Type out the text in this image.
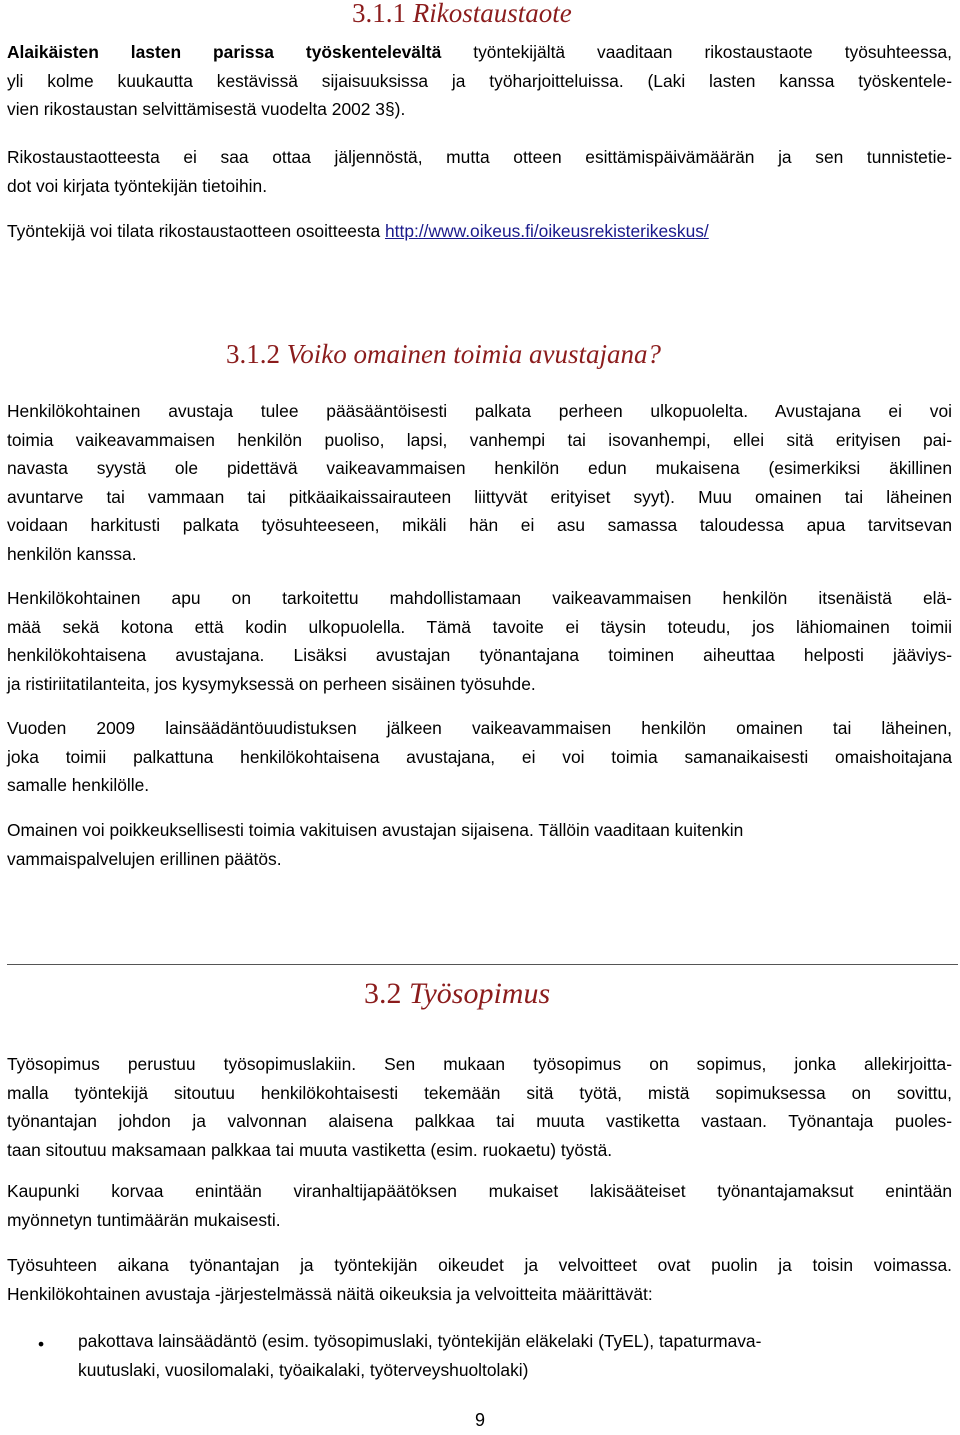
3.1.1 Rikostaustaote

Alaikäisten lasten parissa työskentelevältä työntekijältä vaaditaan rikostaustaote työsuhteessa,
yli kolme kuukautta kestävissä sijaisuuksissa ja työharjoitteluissa. (Laki lasten kanssa työskentele-
vien rikostaustan selvittämisestä vuodelta 2002 3§).

Rikostaustaotteesta ei saa ottaa jäljennöstä, mutta otteen esittämispäivämäärän ja sen tunnistetie-
dot voi kirjata työntekijän tietoihin.

Työntekijä voi tilata rikostaustaotteen osoitteesta http://www.oikeus.fi/oikeusrekisterikeskus/

3.1.2 Voiko omainen toimia avustajana?

Henkilökohtainen avustaja tulee pääsääntöisesti palkata perheen ulkopuolelta. Avustajana ei voi
toimia vaikeavammaisen henkilön puoliso, lapsi, vanhempi tai isovanhempi, ellei sitä erityisen pai-
navasta syystä ole pidettävä vaikeavammaisen henkilön edun mukaisena (esimerkiksi äkillinen
avuntarve tai vammaan tai pitkäaikaissairauteen liittyvät erityiset syyt). Muu omainen tai läheinen
voidaan harkitusti palkata työsuhteeseen, mikäli hän ei asu samassa taloudessa apua tarvitsevan
henkilön kanssa.

Henkilökohtainen apu on tarkoitettu mahdollistamaan vaikeavammaisen henkilön itsenäistä elä-
mää sekä kotona että kodin ulkopuolella. Tämä tavoite ei täysin toteudu, jos lähiomainen toimii
henkilökohtaisena avustajana. Lisäksi avustajan työnantajana toiminen aiheuttaa helposti jääviys-
ja ristiriitatilanteita, jos kysymyksessä on perheen sisäinen työsuhde.

Vuoden 2009 lainsäädäntöuudistuksen jälkeen vaikeavammaisen henkilön omainen tai läheinen,
joka toimii palkattuna henkilökohtaisena avustajana, ei voi toimia samanaikaisesti omaishoitajana
samalle henkilölle.

Omainen voi poikkeuksellisesti toimia vakituisen avustajan sijaisena. Tällöin vaaditaan kuitenkin
vammaispalvelujen erillinen päätös.

3.2 Työsopimus

Työsopimus perustuu työsopimuslakiin. Sen mukaan työsopimus on sopimus, jonka allekirjoitta-
malla työntekijä sitoutuu henkilökohtaisesti tekemään sitä työtä, mistä sopimuksessa on sovittu,
työnantajan johdon ja valvonnan alaisena palkkaa tai muuta vastiketta vastaan. Työnantaja puoles-
taan sitoutuu maksamaan palkkaa tai muuta vastiketta (esim. ruokaetu) työstä.

Kaupunki korvaa enintään viranhaltijapäätöksen mukaiset lakisääteiset työnantajamaksut enintään
myönnetyn tuntimäärän mukaisesti.

Työsuhteen aikana työnantajan ja työntekijän oikeudet ja velvoitteet ovat puolin ja toisin voimassa.
Henkilökohtainen avustaja -järjestelmässä näitä oikeuksia ja velvoitteita määrittävät:

• pakottava lainsäädäntö (esim. työsopimuslaki, työntekijän eläkelaki (TyEL), tapaturmava-
kuutuslaki, vuosilomalaki, työaikalaki, työterveyshuoltolaki)

9
